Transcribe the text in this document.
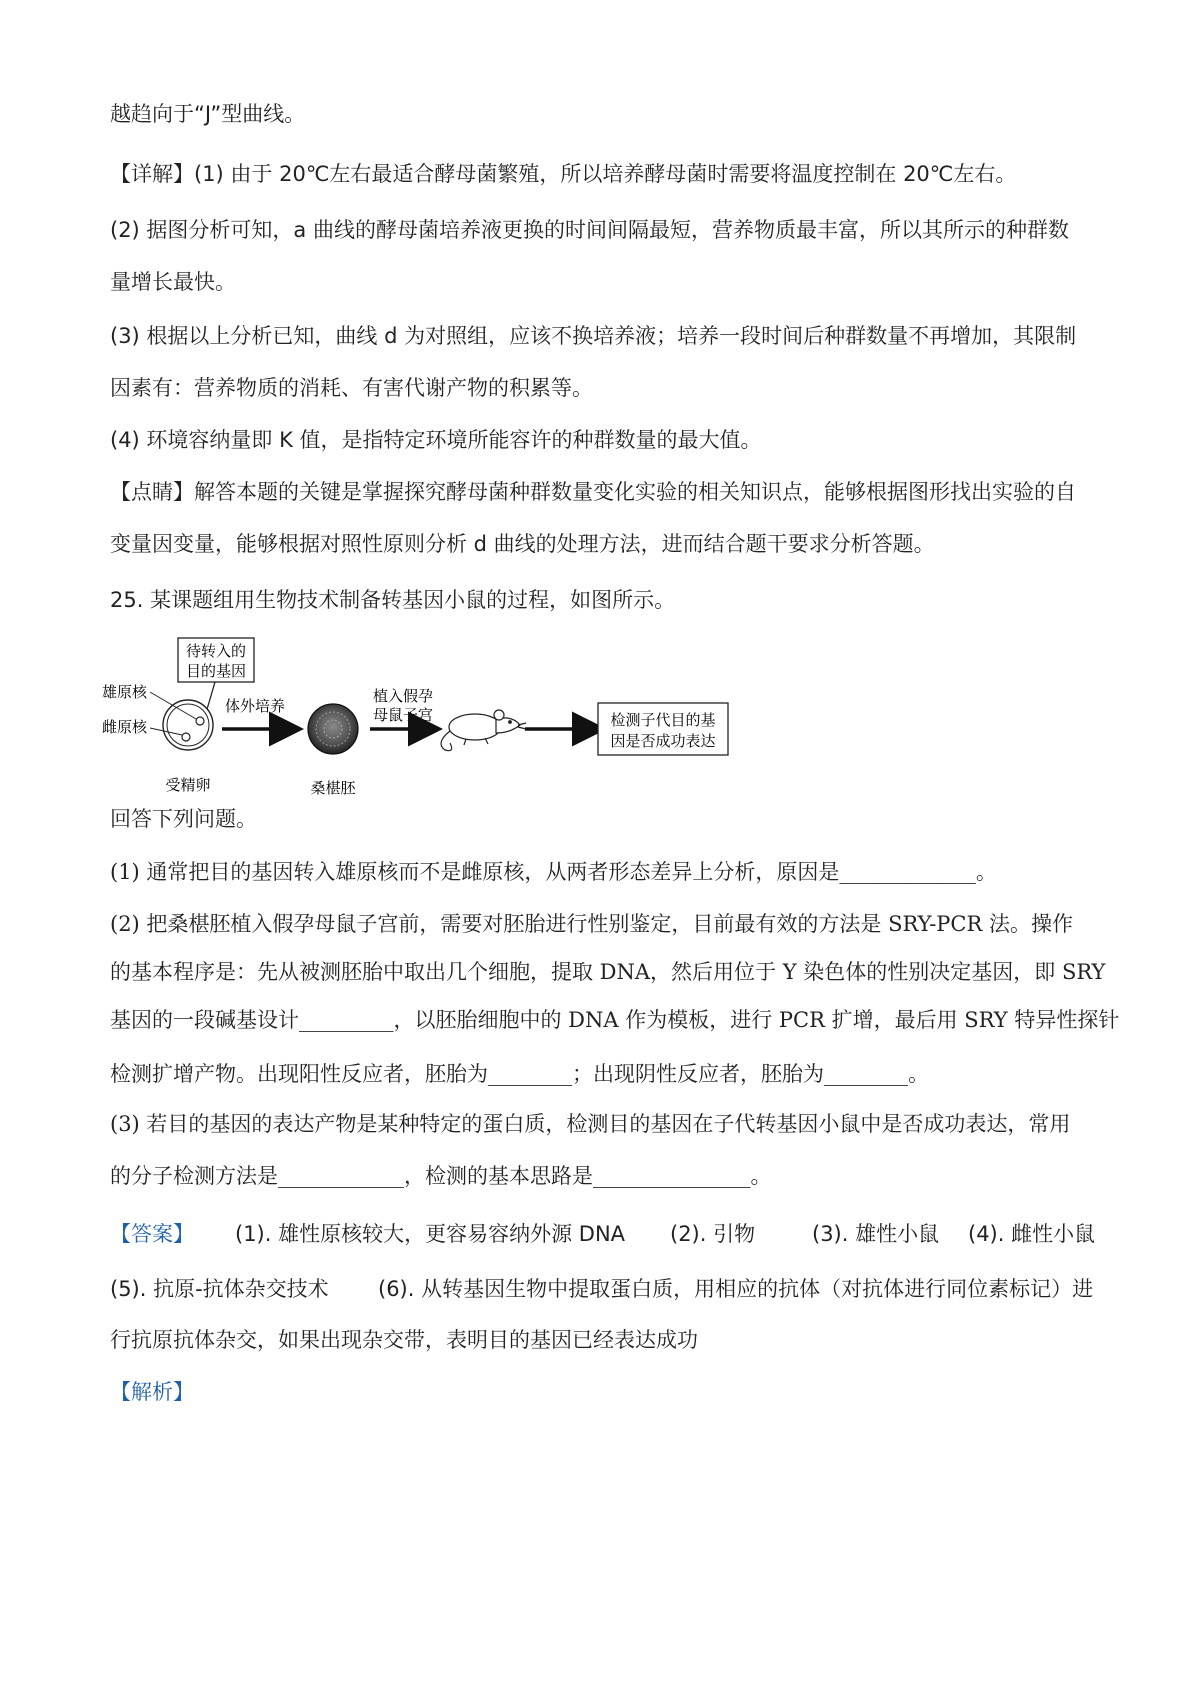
越趋向于“J”型曲线。
【详解】(1) 由于 20℃左右最适合酵母菌繁殖，所以培养酵母菌时需要将温度控制在 20℃左右。
(2) 据图分析可知，a 曲线的酵母菌培养液更换的时间间隔最短，营养物质最丰富，所以其所示的种群数
量增长最快。
(3) 根据以上分析已知，曲线 d 为对照组，应该不换培养液；培养一段时间后种群数量不再增加，其限制
因素有：营养物质的消耗、有害代谢产物的积累等。
(4) 环境容纳量即 K 值，是指特定环境所能容许的种群数量的最大值。
【点睛】解答本题的关键是掌握探究酵母菌种群数量变化实验的相关知识点，能够根据图形找出实验的自
变量因变量，能够根据对照性原则分析 d 曲线的处理方法，进而结合题干要求分析答题。
25. 某课题组用生物技术制备转基因小鼠的过程，如图所示。
待转入的
目的基因
雄原核
雌原核
受精卵
体外培养
桑椹胚
植入假孕
母鼠子宫	检测子代目的基
因是否成功表达
回答下列问题。
(1) 通常把目的基因转入雄原核而不是雌原核，从两者形态差异上分析，原因是_____________。
(2) 把桑椹胚植入假孕母鼠子宫前，需要对胚胎进行性别鉴定，目前最有效的方法是 SRY-PCR 法。操作
的基本程序是：先从被测胚胎中取出几个细胞，提取 DNA，然后用位于 Y 染色体的性别决定基因，即 SRY
基因的一段碱基设计_________，以胚胎细胞中的 DNA 作为模板，进行 PCR 扩增，最后用 SRY 特异性探针
检测扩增产物。出现阳性反应者，胚胎为________；出现阴性反应者，胚胎为________。
(3) 若目的基因的表达产物是某种特定的蛋白质，检测目的基因在子代转基因小鼠中是否成功表达，常用
的分子检测方法是____________，检测的基本思路是_______________。
【答案】 (1). 雄性原核较大，更容易容纳外源 DNA (2). 引物	(3). 雄性小鼠 (4). 雌性小鼠
(5). 抗原-抗体杂交技术 (6). 从转基因生物中提取蛋白质，用相应的抗体（对抗体进行同位素标记）进
行抗原抗体杂交，如果出现杂交带，表明目的基因已经表达成功
【解析】
